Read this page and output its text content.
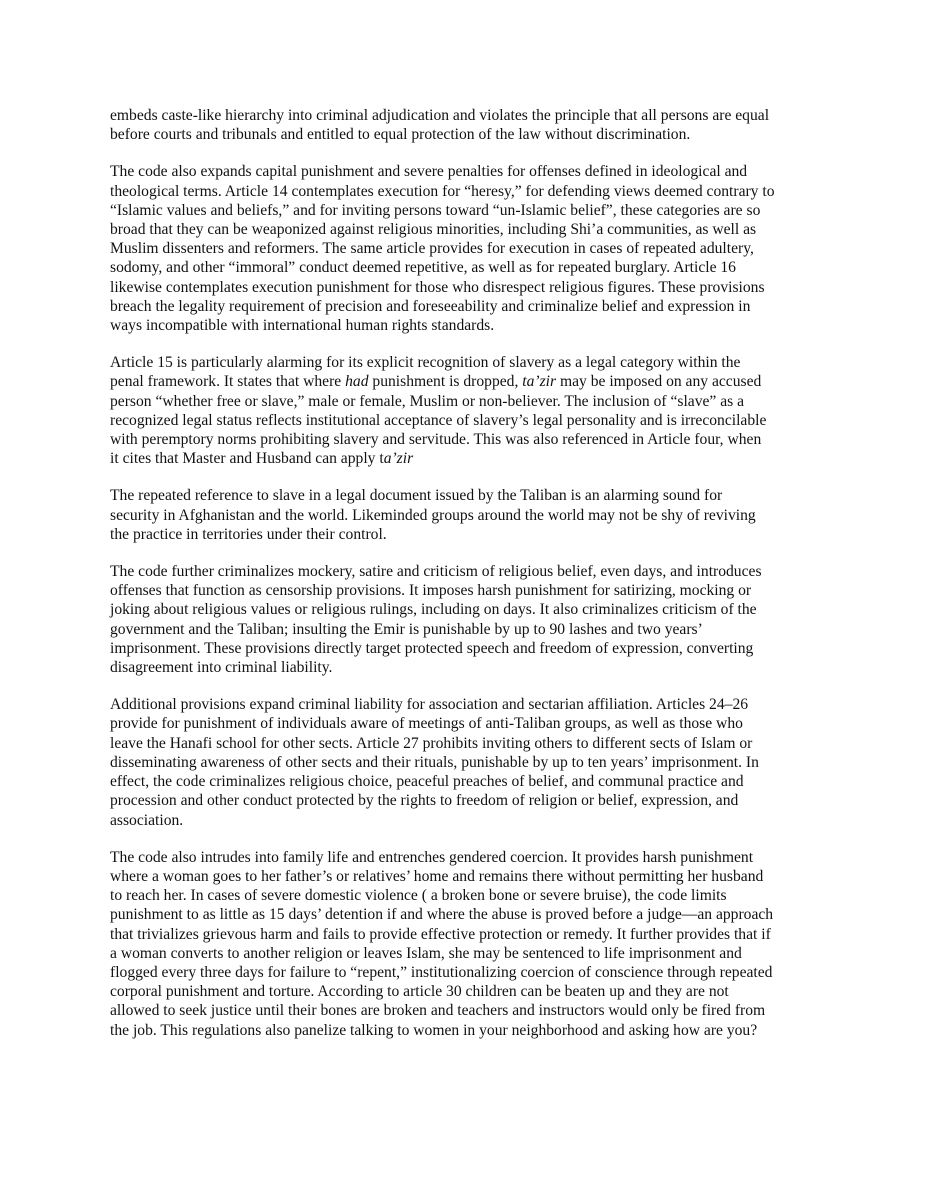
embeds caste-like hierarchy into criminal adjudication and violates the principle that all persons are equal
before courts and tribunals and entitled to equal protection of the law without discrimination.
The code also expands capital punishment and severe penalties for offenses defined in ideological and
theological terms. Article 14 contemplates execution for “heresy,” for defending views deemed contrary to
“Islamic values and beliefs,” and for inviting persons toward “un-Islamic belief”, these categories are so
broad that they can be weaponized against religious minorities, including Shi’a communities, as well as
Muslim dissenters and reformers. The same article provides for execution in cases of repeated adultery,
sodomy, and other “immoral” conduct deemed repetitive, as well as for repeated burglary. Article 16
likewise contemplates execution punishment for those who disrespect religious figures. These provisions
breach the legality requirement of precision and foreseeability and criminalize belief and expression in
ways incompatible with international human rights standards.
Article 15 is particularly alarming for its explicit recognition of slavery as a legal category within the
penal framework. It states that where had punishment is dropped, ta’zir may be imposed on any accused
person “whether free or slave,” male or female, Muslim or non-believer. The inclusion of “slave” as a
recognized legal status reflects institutional acceptance of slavery’s legal personality and is irreconcilable
with peremptory norms prohibiting slavery and servitude. This was also referenced in Article four, when
it cites that Master and Husband can apply ta’zir
The repeated reference to slave in a legal document issued by the Taliban is an alarming sound for
security in Afghanistan and the world. Likeminded groups around the world may not be shy of reviving
the practice in territories under their control.
The code further criminalizes mockery, satire and criticism of religious belief, even days, and introduces
offenses that function as censorship provisions. It imposes harsh punishment for satirizing, mocking or
joking about religious values or religious rulings, including on days. It also criminalizes criticism of the
government and the Taliban; insulting the Emir is punishable by up to 90 lashes and two years’
imprisonment. These provisions directly target protected speech and freedom of expression, converting
disagreement into criminal liability.
Additional provisions expand criminal liability for association and sectarian affiliation. Articles 24–26
provide for punishment of individuals aware of meetings of anti-Taliban groups, as well as those who
leave the Hanafi school for other sects. Article 27 prohibits inviting others to different sects of Islam or
disseminating awareness of other sects and their rituals, punishable by up to ten years’ imprisonment. In
effect, the code criminalizes religious choice, peaceful preaches of belief, and communal practice and
procession and other conduct protected by the rights to freedom of religion or belief, expression, and
association.
The code also intrudes into family life and entrenches gendered coercion. It provides harsh punishment
where a woman goes to her father’s or relatives’ home and remains there without permitting her husband
to reach her. In cases of severe domestic violence ( a broken bone or severe bruise), the code limits
punishment to as little as 15 days’ detention if and where the abuse is proved before a judge—an approach
that trivializes grievous harm and fails to provide effective protection or remedy. It further provides that if
a woman converts to another religion or leaves Islam, she may be sentenced to life imprisonment and
flogged every three days for failure to “repent,” institutionalizing coercion of conscience through repeated
corporal punishment and torture. According to article 30 children can be beaten up and they are not
allowed to seek justice until their bones are broken and teachers and instructors would only be fired from
the job. This regulations also panelize talking to women in your neighborhood and asking how are you?
